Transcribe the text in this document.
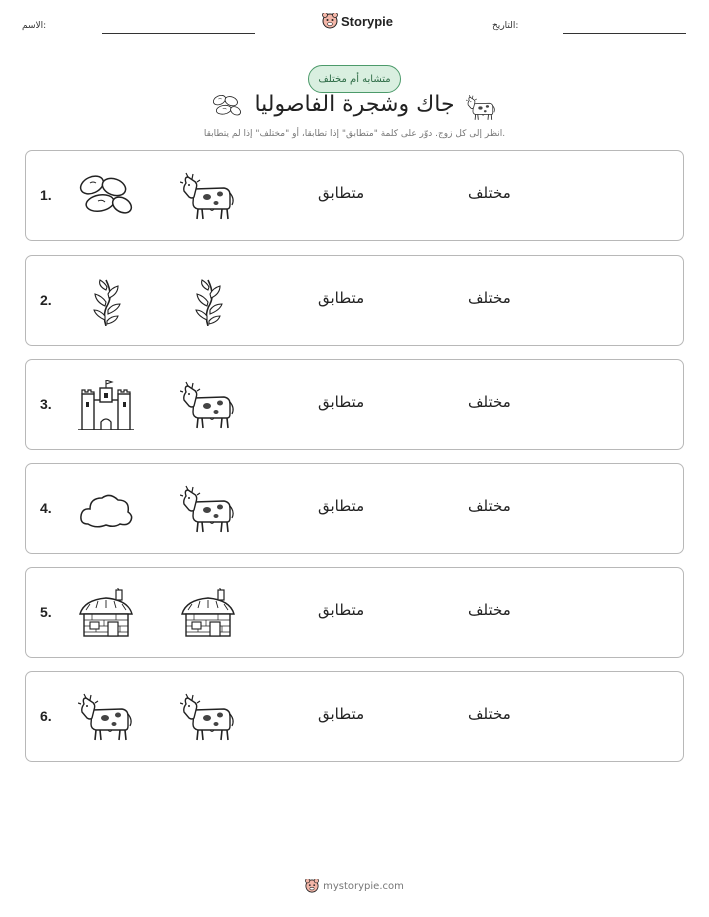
الاسم:	Storypie	التاريخ:
متشابه أم مختلف
جاك وشجرة الفاصوليا
انظر إلى كل زوج. دوّر على كلمة "متطابق" إذا تطابقا، أو "مختلف" إذا لم يتطابقا.
1.	متطابق	مختلف
2.	متطابق	مختلف
3.	متطابق	مختلف
4.	متطابق	مختلف
5.	متطابق	مختلف
6.	متطابق	مختلف
mystorypie.com
